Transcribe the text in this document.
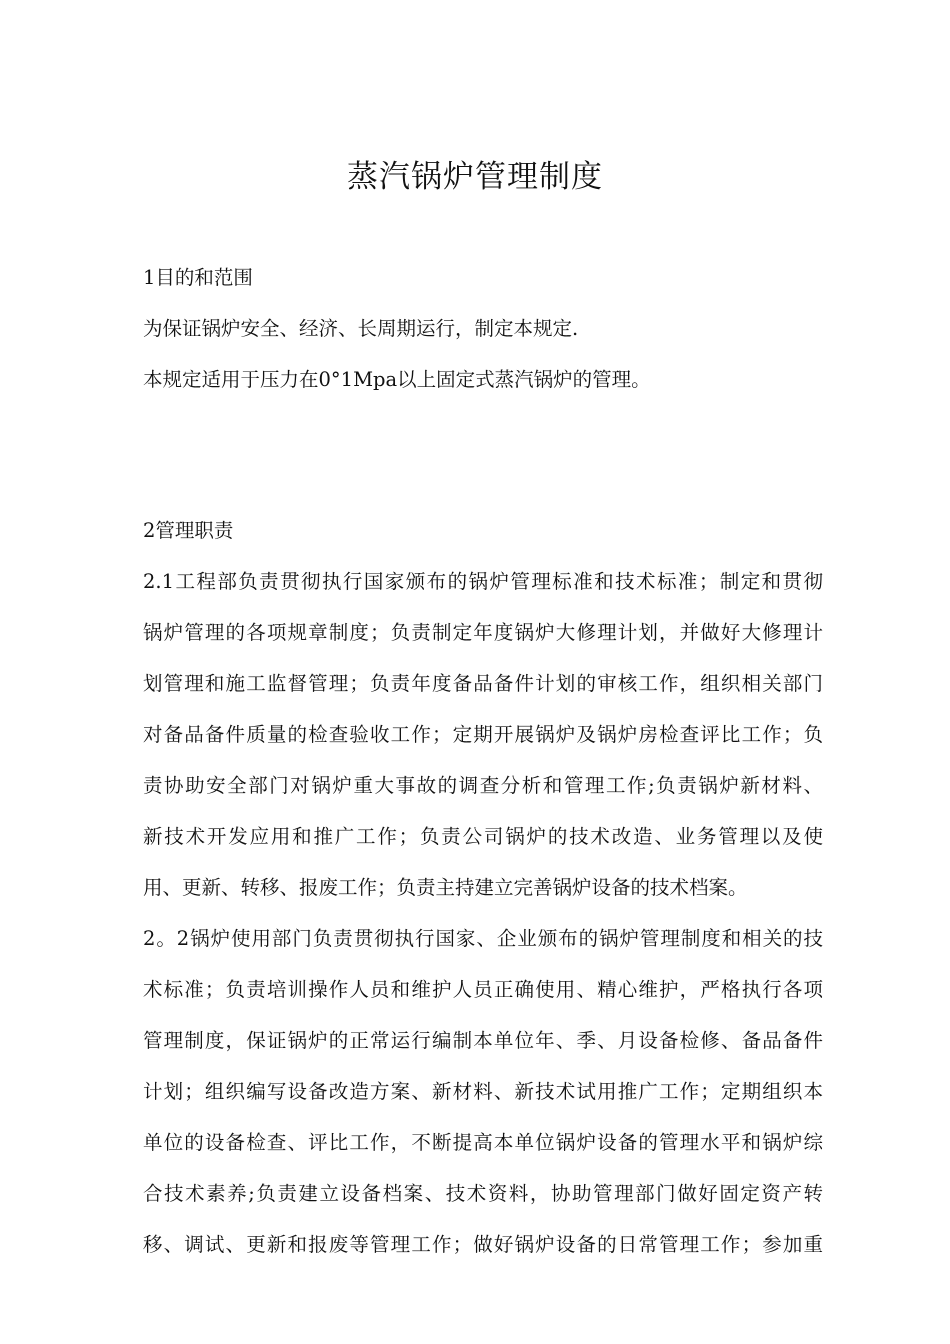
蒸汽锅炉管理制度
1目的和范围
为保证锅炉安全、经济、长周期运行，制定本规定.
本规定适用于压力在0°1Mpa以上固定式蒸汽锅炉的管理。
2管理职责
2.1工程部负责贯彻执行国家颁布的锅炉管理标准和技术标准；制定和贯彻
锅炉管理的各项规章制度；负责制定年度锅炉大修理计划，并做好大修理计
划管理和施工监督管理；负责年度备品备件计划的审核工作，组织相关部门
对备品备件质量的检查验收工作；定期开展锅炉及锅炉房检查评比工作；负
责协助安全部门对锅炉重大事故的调查分析和管理工作;负责锅炉新材料、
新技术开发应用和推广工作；负责公司锅炉的技术改造、业务管理以及使
用、更新、转移、报废工作；负责主持建立完善锅炉设备的技术档案。
2。2锅炉使用部门负责贯彻执行国家、企业颁布的锅炉管理制度和相关的技
术标准；负责培训操作人员和维护人员正确使用、精心维护，严格执行各项
管理制度，保证锅炉的正常运行编制本单位年、季、月设备检修、备品备件
计划；组织编写设备改造方案、新材料、新技术试用推广工作；定期组织本
单位的设备检查、评比工作，不断提高本单位锅炉设备的管理水平和锅炉综
合技术素养;负责建立设备档案、技术资料，协助管理部门做好固定资产转
移、调试、更新和报废等管理工作；做好锅炉设备的日常管理工作；参加重
